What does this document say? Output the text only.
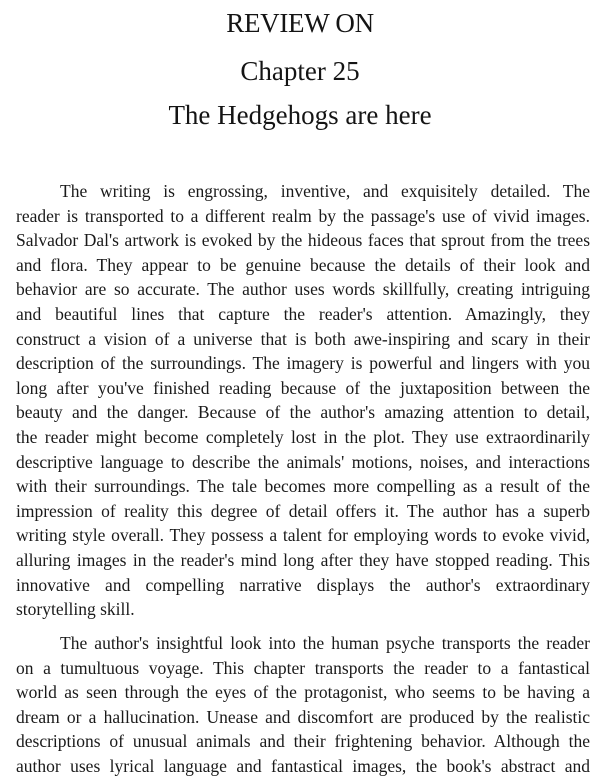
REVIEW ON
Chapter 25
The Hedgehogs are here
The writing is engrossing, inventive, and exquisitely detailed. The
reader is transported to a different realm by the passage's use of vivid images.
Salvador Dal's artwork is evoked by the hideous faces that sprout from the trees
and flora. They appear to be genuine because the details of their look and
behavior are so accurate. The author uses words skillfully, creating intriguing
and beautiful lines that capture the reader's attention. Amazingly, they
construct a vision of a universe that is both awe-inspiring and scary in their
description of the surroundings. The imagery is powerful and lingers with you
long after you've finished reading because of the juxtaposition between the
beauty and the danger. Because of the author's amazing attention to detail,
the reader might become completely lost in the plot. They use extraordinarily
descriptive language to describe the animals' motions, noises, and interactions
with their surroundings. The tale becomes more compelling as a result of the
impression of reality this degree of detail offers it. The author has a superb
writing style overall. They possess a talent for employing words to evoke vivid,
alluring images in the reader's mind long after they have stopped reading. This
innovative and compelling narrative displays the author's extraordinary
storytelling skill.
The author's insightful look into the human psyche transports the reader
on a tumultuous voyage. This chapter transports the reader to a fantastical
world as seen through the eyes of the protagonist, who seems to be having a
dream or a hallucination. Unease and discomfort are produced by the realistic
descriptions of unusual animals and their frightening behavior. Although the
author uses lyrical language and fantastical images, the book's abstract and
